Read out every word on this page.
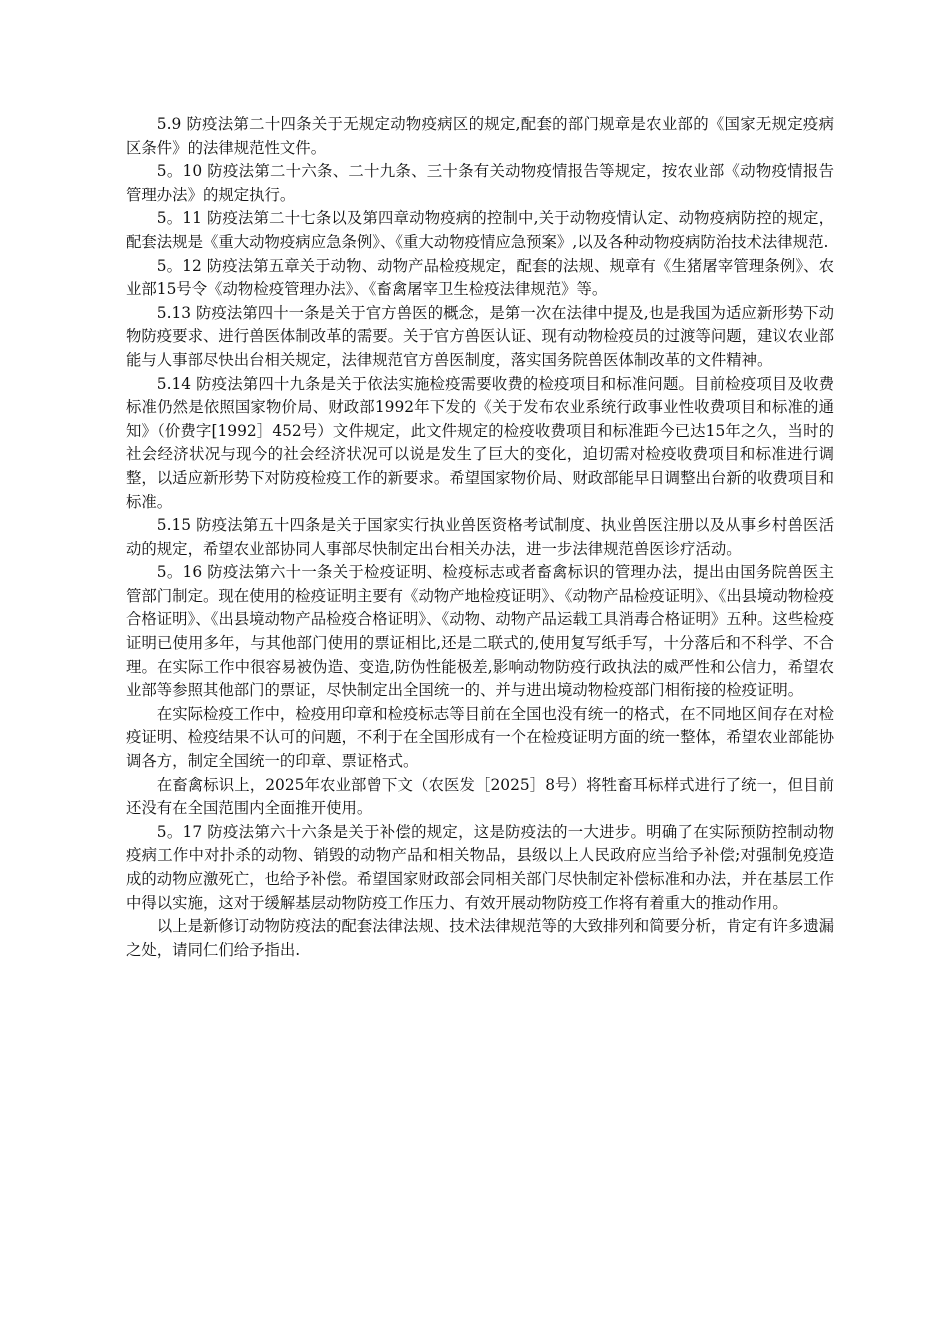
5.9 防疫法第二十四条关于无规定动物疫病区的规定,配套的部门规章是农业部的《国家无规定疫病区条件》的法律规范性文件。

5。10 防疫法第二十六条、二十九条、三十条有关动物疫情报告等规定，按农业部《动物疫情报告管理办法》的规定执行。

5。11 防疫法第二十七条以及第四章动物疫病的控制中,关于动物疫情认定、动物疫病防控的规定，配套法规是《重大动物疫病应急条例》、《重大动物疫情应急预案》,以及各种动物疫病防治技术法律规范.

5。12 防疫法第五章关于动物、动物产品检疫规定，配套的法规、规章有《生猪屠宰管理条例》、农业部15号令《动物检疫管理办法》、《畜禽屠宰卫生检疫法律规范》等。

5.13 防疫法第四十一条是关于官方兽医的概念，是第一次在法律中提及,也是我国为适应新形势下动物防疫要求、进行兽医体制改革的需要。关于官方兽医认证、现有动物检疫员的过渡等问题，建议农业部能与人事部尽快出台相关规定，法律规范官方兽医制度，落实国务院兽医体制改革的文件精神。

5.14 防疫法第四十九条是关于依法实施检疫需要收费的检疫项目和标准问题。目前检疫项目及收费标准仍然是依照国家物价局、财政部1992年下发的《关于发布农业系统行政事业性收费项目和标准的通知》（价费字[1992］452号）文件规定，此文件规定的检疫收费项目和标准距今已达15年之久，当时的社会经济状况与现今的社会经济状况可以说是发生了巨大的变化，迫切需对检疫收费项目和标准进行调整，以适应新形势下对防疫检疫工作的新要求。希望国家物价局、财政部能早日调整出台新的收费项目和标准。

5.15 防疫法第五十四条是关于国家实行执业兽医资格考试制度、执业兽医注册以及从事乡村兽医活动的规定，希望农业部协同人事部尽快制定出台相关办法，进一步法律规范兽医诊疗活动。

5。16 防疫法第六十一条关于检疫证明、检疫标志或者畜禽标识的管理办法，提出由国务院兽医主管部门制定。现在使用的检疫证明主要有《动物产地检疫证明》、《动物产品检疫证明》、《出县境动物检疫合格证明》、《出县境动物产品检疫合格证明》、《动物、动物产品运载工具消毒合格证明》五种。这些检疫证明已使用多年，与其他部门使用的票证相比,还是二联式的,使用复写纸手写，十分落后和不科学、不合理。在实际工作中很容易被伪造、变造,防伪性能极差,影响动物防疫行政执法的威严性和公信力，希望农业部等参照其他部门的票证，尽快制定出全国统一的、并与进出境动物检疫部门相衔接的检疫证明。

在实际检疫工作中，检疫用印章和检疫标志等目前在全国也没有统一的格式，在不同地区间存在对检疫证明、检疫结果不认可的问题，不利于在全国形成有一个在检疫证明方面的统一整体，希望农业部能协调各方，制定全国统一的印章、票证格式。

在畜禽标识上，2025年农业部曾下文（农医发［2025］8号）将牲畜耳标样式进行了统一，但目前还没有在全国范围内全面推开使用。

5。17 防疫法第六十六条是关于补偿的规定，这是防疫法的一大进步。明确了在实际预防控制动物疫病工作中对扑杀的动物、销毁的动物产品和相关物品，县级以上人民政府应当给予补偿;对强制免疫造成的动物应激死亡，也给予补偿。希望国家财政部会同相关部门尽快制定补偿标准和办法，并在基层工作中得以实施，这对于缓解基层动物防疫工作压力、有效开展动物防疫工作将有着重大的推动作用。

以上是新修订动物防疫法的配套法律法规、技术法律规范等的大致排列和简要分析，肯定有许多遗漏之处，请同仁们给予指出.
